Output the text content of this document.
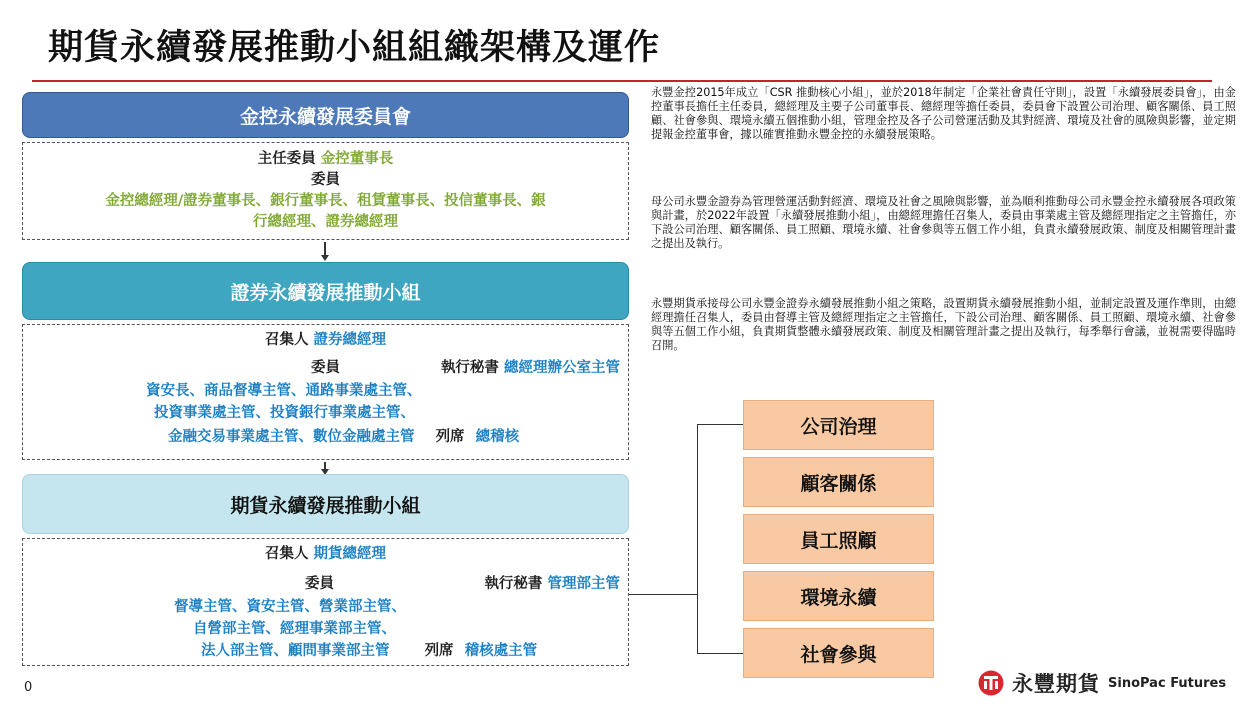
期貨永續發展推動小組組織架構及運作
金控永續發展委員會
主任委員 金控董事長
委員
金控總經理/證券董事長、銀行董事長、租賃董事長、投信董事長、銀
行總經理、證券總經理
證券永續發展推動小組
召集人 證券總經理
委員	執行秘書 總經理辦公室主管
資安長、商品督導主管、通路事業處主管、
投資事業處主管、投資銀行事業處主管、
金融交易事業處主管、數位金融處主管 列席 總稽核
期貨永續發展推動小組
召集人 期貨總經理
委員	執行秘書 管理部主管
督導主管、資安主管、營業部主管、
自營部主管、經理事業部主管、
法人部主管、顧問事業部主管 列席 稽核處主管
永豐金控2015年成立「CSR 推動核心小組」，並於2018年制定「企業社會責任守則」，設置「永續發展委員會」，由金控董事長擔任主任委員，總經理及主要子公司董事長、總經理等擔任委員，委員會下設置公司治理、顧客關係、員工照顧、社會參與、環境永續五個推動小組，管理金控及各子公司營運活動及其對經濟、環境及社會的風險與影響，並定期提報金控董事會，據以確實推動永豐金控的永續發展策略。
母公司永豐金證券為管理營運活動對經濟、環境及社會之風險與影響，並為順利推動母公司永豐金控永續發展各項政策與計畫，於2022年設置「永續發展推動小組」，由總經理擔任召集人，委員由事業處主管及總經理指定之主管擔任，亦下設公司治理、顧客關係、員工照顧、環境永續、社會參與等五個工作小組，負責永續發展政策、制度及相關管理計畫之提出及執行。
永豐期貨承接母公司永豐金證券永續發展推動小組之策略，設置期貨永續發展推動小組，並制定設置及運作準則，由總經理擔任召集人，委員由督導主管及總經理指定之主管擔任，下設公司治理、顧客關係、員工照顧、環境永續、社會參與等五個工作小組，負責期貨整體永續發展政策、制度及相關管理計畫之提出及執行，每季舉行會議，並視需要得臨時召開。
公司治理
顧客關係
員工照顧
環境永續
社會參與
0	永豐期貨 SinoPac Futures
